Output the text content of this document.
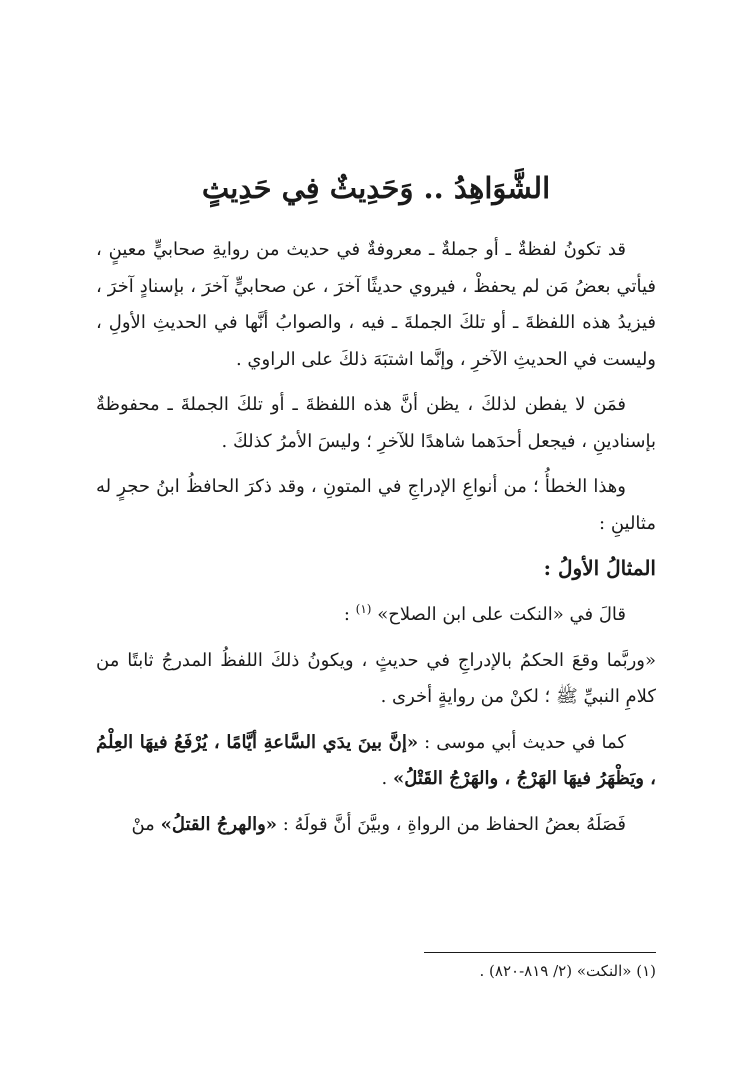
الشَّوَاهِدُ .. وَحَدِيثٌ فِي حَدِيثٍ

قد تكونُ لفظةٌ ـ أو جملةٌ ـ معروفةٌ في حديث من روايةِ صحابيٍّ معينٍ ، فيأتي بعضُ مَن لم يحفظْ ، فيروي حديثًا آخرَ ، عن صحابيٍّ آخرَ ، بإسنادٍ آخرَ ، فيزيدُ هذه اللفظةَ ـ أو تلكَ الجملةَ ـ فيه ، والصوابُ أنَّها في الحديثِ الأولِ ، وليست في الحديثِ الآخرِ ، وإنَّما اشتبَهَ ذلكَ على الراوي .

فمَن لا يفطن لذلكَ ، يظن أنَّ هذه اللفظةَ ـ أو تلكَ الجملةَ ـ محفوظةٌ بإسنادينِ ، فيجعل أحدَهما شاهدًا للآخرِ ؛ وليسَ الأمرُ كذلكَ .

وهذا الخطأُ ؛ من أنواعِ الإدراجِ في المتونِ ، وقد ذكرَ الحافظُ ابنُ حجرٍ له مثالينِ :

المثالُ الأولُ :

قالَ في «النكت على ابن الصلاح» $^{(١)}$ :

«وربَّما وقعَ الحكمُ بالإدراجِ في حديثٍ ، ويكونُ ذلكَ اللفظُ المدرجُ ثابتًا من كلامِ النبيِّ ﷺ ؛ لكنْ من روايةٍ أخرى .

كما في حديث أبي موسى : «إنَّ بينَ يدَي السَّاعةِ أيَّامًا ، يُرْفَعُ فيهَا العِلْمُ ، ويَظْهَرُ فيهَا الهَرْجُ ، والهَرْجُ القَتْلُ» .

فَصَلَهُ بعضُ الحفاظ من الرواةِ ، وبيَّنَ أنَّ قولَهُ : «والهرجُ القتلُ» منْ

(١) «النكت» (٢/ ٨١٩-٨٢٠) .
